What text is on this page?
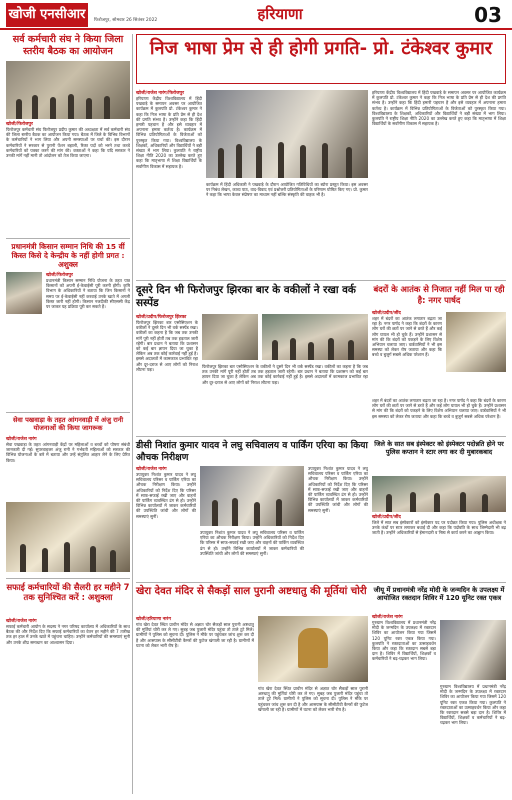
खोजी एनसीआर	फिरोजपुर, सोमवार 26 सितंबर 2022	हरियाणा	03
सर्व कर्मचारी संघ ने किया जिला स्तरीय बैठक का आयोजन
खोजी/फिरोजपुर
फिरोजपुर कर्मचारी संघ फिरोजपुर प्रदीप कुमार की अध्यक्षता में सर्व कर्मचारी संघ की जिला स्तरीय बैठक का आयोजन किया गया। बैठक में जिले के विभिन्न विभागों के कर्मचारियों ने भाग लिया और अपनी समस्याओं पर चर्चा की। इस दौरान कर्मचारियों ने सरकार से पुरानी पेंशन बहाली, रिक्त पदों को भरने तथा कच्चे कर्मचारियों को पक्का करने की मांग की। वक्ताओं ने कहा कि यदि सरकार ने उनकी मांगें नहीं मानी तो आंदोलन को तेज किया जाएगा।
प्रधानमंत्री किसान सम्मान निधि की 15 वीं किस्त किसे दे केन्द्रीय के नहीं होगी प्रगत : अशुक्ल
खोजी/फिरोजपुर
प्रधानमंत्री किसान सम्मान निधि योजना के तहत पात्र किसानों को अपनी ई-केवाईसी पूरी करनी होगी। कृषि विभाग के अधिकारियों ने बताया कि जिन किसानों ने समय पर ई-केवाईसी नहीं करवाई उनके खाते में अगली किस्त जारी नहीं होगी। किसान नजदीकी सीएससी केंद्र पर जाकर यह प्रक्रिया पूरी कर सकते हैं।
सेवा पखवाड़ा के तहत आंगनवाड़ी में अंजु रानी योजनाओं की किया जागरूक
खोजी/राजेश नारंग
सेवा पखवाड़ा के तहत आंगनवाड़ी केंद्रों पर महिलाओं व बच्चों को पोषण संबंधी जानकारी दी गई। सुपरवाइजर अंजु रानी ने गर्भवती महिलाओं को सरकार की विभिन्न योजनाओं के बारे में बताया और उन्हें संतुलित आहार लेने के लिए प्रेरित किया।
सफाई कर्मचारियों की सैलरी हर महीने 7 तक सुनिश्चित करें : अशुक्ला
खोजी/राजेश नारंग
सफाई कर्मचारी आयोग के सदस्य ने नगर परिषद कार्यालय में अधिकारियों के साथ बैठक की और निर्देश दिए कि सफाई कर्मचारियों का वेतन हर महीने की 7 तारीख तक हर हाल में उनके खाते में पहुंचना चाहिए। उन्होंने कर्मचारियों की समस्याएं सुनी और उनके शीघ्र समाधान का आश्वासन दिया।
निज भाषा प्रेम से ही होगी प्रगति- प्रो. टंकेश्वर कुमार
खोजी/राजेश नारंग/फिरोजपुर
हरियाणा केंद्रीय विश्वविद्यालय में हिंदी पखवाड़े के समापन अवसर पर आयोजित कार्यक्रम में कुलपति प्रो. टंकेश्वर कुमार ने कहा कि निज भाषा के प्रति प्रेम से ही देश की प्रगति संभव है। उन्होंने कहा कि हिंदी हमारी पहचान है और इसे व्यवहार में अपनाना हमारा कर्तव्य है। कार्यक्रम में विभिन्न प्रतियोगिताओं के विजेताओं को पुरस्कृत किया गया। विश्वविद्यालय के शिक्षकों, अधिकारियों और विद्यार्थियों ने बड़ी संख्या में भाग लिया। कुलपति ने राष्ट्रीय शिक्षा नीति 2020 का उल्लेख करते हुए कहा कि मातृभाषा में शिक्षा विद्यार्थियों के सर्वांगीण विकास में सहायक है।
कार्यक्रम में हिंदी अधिकारी ने पखवाड़े के दौरान आयोजित गतिविधियों का ब्योरा प्रस्तुत किया। इस अवसर पर निबंध लेखन, काव्य पाठ, वाद-विवाद एवं प्रश्नोत्तरी प्रतियोगिताओं के परिणाम घोषित किए गए। प्रो. कुमार ने कहा कि भाषा केवल संप्रेषण का माध्यम नहीं बल्कि संस्कृति की वाहक भी है।
हरियाणा केंद्रीय विश्वविद्यालय में हिंदी पखवाड़े के समापन अवसर पर आयोजित कार्यक्रम में कुलपति प्रो. टंकेश्वर कुमार ने कहा कि निज भाषा के प्रति प्रेम से ही देश की प्रगति संभव है। उन्होंने कहा कि हिंदी हमारी पहचान है और इसे व्यवहार में अपनाना हमारा कर्तव्य है। कार्यक्रम में विभिन्न प्रतियोगिताओं के विजेताओं को पुरस्कृत किया गया। विश्वविद्यालय के शिक्षकों, अधिकारियों और विद्यार्थियों ने बड़ी संख्या में भाग लिया। कुलपति ने राष्ट्रीय शिक्षा नीति 2020 का उल्लेख करते हुए कहा कि मातृभाषा में शिक्षा विद्यार्थियों के सर्वांगीण विकास में सहायक है।
दूसरे दिन भी फिरोजपुर झिरका बार के वकीलों ने रखा वर्क सस्पेंड
खोजी/प्रदीप/फिरोजपुर झिरका
फिरोजपुर झिरका बार एसोसिएशन के वकीलों ने दूसरे दिन भी वर्क सस्पेंड रखा। वकीलों का कहना है कि जब तक उनकी मांगें पूरी नहीं होतीं तब तक हड़ताल जारी रहेगी। बार प्रधान ने बताया कि प्रशासन को कई बार ज्ञापन दिया जा चुका है लेकिन अब तक कोई कार्रवाई नहीं हुई है। इससे अदालतों में कामकाज प्रभावित रहा और दूर-दराज से आए लोगों को निराश लौटना पड़ा।
फिरोजपुर झिरका बार एसोसिएशन के वकीलों ने दूसरे दिन भी वर्क सस्पेंड रखा। वकीलों का कहना है कि जब तक उनकी मांगें पूरी नहीं होतीं तब तक हड़ताल जारी रहेगी। बार प्रधान ने बताया कि प्रशासन को कई बार ज्ञापन दिया जा चुका है लेकिन अब तक कोई कार्रवाई नहीं हुई है। इससे अदालतों में कामकाज प्रभावित रहा और दूर-दराज से आए लोगों को निराश लौटना पड़ा।
बंदरों के आतंक से निजात नहीं मिल पा रही है: नगर पार्षद
खोजी/प्रदीप/जींद
शहर में बंदरों का आतंक लगातार बढ़ता जा रहा है। नगर पार्षद ने कहा कि बंदरों के कारण लोग घरों की छतों पर जाने से डरते हैं और कई लोग घायल भी हो चुके हैं। उन्होंने प्रशासन से मांग की कि बंदरों को पकड़ने के लिए विशेष अभियान चलाया जाए। वार्डवासियों ने भी इस समस्या को लेकर रोष जताया और कहा कि बच्चे व बुजुर्ग सबसे अधिक परेशान हैं।
शहर में बंदरों का आतंक लगातार बढ़ता जा रहा है। नगर पार्षद ने कहा कि बंदरों के कारण लोग घरों की छतों पर जाने से डरते हैं और कई लोग घायल भी हो चुके हैं। उन्होंने प्रशासन से मांग की कि बंदरों को पकड़ने के लिए विशेष अभियान चलाया जाए। वार्डवासियों ने भी इस समस्या को लेकर रोष जताया और कहा कि बच्चे व बुजुर्ग सबसे अधिक परेशान हैं।
डीसी निशांत कुमार यादव ने लघु सचिवालय व पार्किंग एरिया का किया औचक निरीक्षण
खोजी/राजेश नारंग
उपायुक्त निशांत कुमार यादव ने लघु सचिवालय परिसर व पार्किंग एरिया का औचक निरीक्षण किया। उन्होंने अधिकारियों को निर्देश दिए कि परिसर में साफ-सफाई रखी जाए और वाहनों की पार्किंग व्यवस्थित ढंग से हो। उन्होंने विभिन्न कार्यालयों में जाकर कर्मचारियों की उपस्थिति जांची और लोगों की समस्याएं सुनीं।
उपायुक्त निशांत कुमार यादव ने लघु सचिवालय परिसर व पार्किंग एरिया का औचक निरीक्षण किया। उन्होंने अधिकारियों को निर्देश दिए कि परिसर में साफ-सफाई रखी जाए और वाहनों की पार्किंग व्यवस्थित ढंग से हो। उन्होंने विभिन्न कार्यालयों में जाकर कर्मचारियों की उपस्थिति जांची और लोगों की समस्याएं सुनीं।
उपायुक्त निशांत कुमार यादव ने लघु सचिवालय परिसर व पार्किंग एरिया का औचक निरीक्षण किया। उन्होंने अधिकारियों को निर्देश दिए कि परिसर में साफ-सफाई रखी जाए और वाहनों की पार्किंग व्यवस्थित ढंग से हो। उन्होंने विभिन्न कार्यालयों में जाकर कर्मचारियों की उपस्थिति जांची और लोगों की समस्याएं सुनीं।
जिले के सात सब इंस्पेक्टर को इंस्पेक्टर पदोन्नति होने पर पुलिस कप्तान ने स्टार लगा कर दी मुबारकबाद
खोजी/प्रदीप/जींद
जिले में सात सब इंस्पेक्टरों को इंस्पेक्टर पद पर पदोन्नत किया गया। पुलिस अधीक्षक ने उनके कंधों पर स्टार लगाकर बधाई दी और कहा कि पदोन्नति के साथ जिम्मेदारी भी बढ़ जाती है। उन्होंने अधिकारियों से ईमानदारी व निष्ठा से कार्य करने का आह्वान किया।
खेरा देवत मंदिर से सैकड़ों साल पुरानी अष्टधातु की मूर्तियां चोरी
खोजी/हरियाणा नारंग
गांव खेरा देवत स्थित प्राचीन मंदिर से अज्ञात चोर सैकड़ों साल पुरानी अष्टधातु की मूर्तियां चोरी कर ले गए। सुबह जब पुजारी मंदिर पहुंचा तो ताले टूटे मिले। ग्रामीणों ने पुलिस को सूचना दी। पुलिस ने मौके पर पहुंचकर जांच शुरू कर दी है और आसपास के सीसीटीवी कैमरों की फुटेज खंगाली जा रही है। ग्रामीणों में घटना को लेकर भारी रोष है।
गांव खेरा देवत स्थित प्राचीन मंदिर से अज्ञात चोर सैकड़ों साल पुरानी अष्टधातु की मूर्तियां चोरी कर ले गए। सुबह जब पुजारी मंदिर पहुंचा तो ताले टूटे मिले। ग्रामीणों ने पुलिस को सूचना दी। पुलिस ने मौके पर पहुंचकर जांच शुरू कर दी है और आसपास के सीसीटीवी कैमरों की फुटेज खंगाली जा रही है। ग्रामीणों में घटना को लेकर भारी रोष है।
जीयू में प्रधानमंत्री नरेंद्र मोदी के जन्मदिन के उपलक्ष्य में आयोजित रक्तदान शिविर में 120 यूनिट रक्त एकत्र
खोजी/राजेश नारंग
गुरुग्राम विश्वविद्यालय में प्रधानमंत्री नरेंद्र मोदी के जन्मदिन के उपलक्ष्य में रक्तदान शिविर का आयोजन किया गया जिसमें 120 यूनिट रक्त एकत्र किया गया। कुलपति ने रक्तदाताओं का उत्साहवर्धन किया और कहा कि रक्तदान सबसे बड़ा दान है। शिविर में विद्यार्थियों, शिक्षकों व कर्मचारियों ने बढ़-चढ़कर भाग लिया।
गुरुग्राम विश्वविद्यालय में प्रधानमंत्री नरेंद्र मोदी के जन्मदिन के उपलक्ष्य में रक्तदान शिविर का आयोजन किया गया जिसमें 120 यूनिट रक्त एकत्र किया गया। कुलपति ने रक्तदाताओं का उत्साहवर्धन किया और कहा कि रक्तदान सबसे बड़ा दान है। शिविर में विद्यार्थियों, शिक्षकों व कर्मचारियों ने बढ़-चढ़कर भाग लिया।
